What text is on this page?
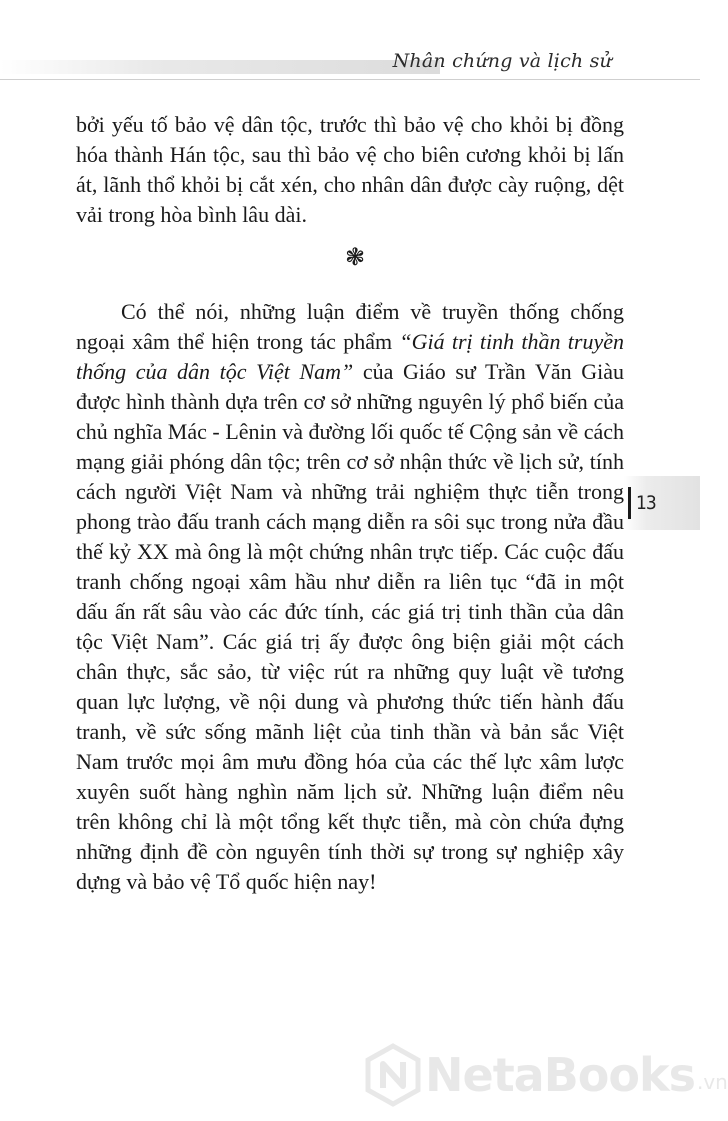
Nhân chứng và lịch sử

bởi yếu tố bảo vệ dân tộc, trước thì bảo vệ cho khỏi bị đồng hóa thành Hán tộc, sau thì bảo vệ cho biên cương khỏi bị lấn át, lãnh thổ khỏi bị cắt xén, cho nhân dân được cày ruộng, dệt vải trong hòa bình lâu dài.

❃

Có thể nói, những luận điểm về truyền thống chống ngoại xâm thể hiện trong tác phẩm “Giá trị tinh thần truyền thống của dân tộc Việt Nam” của Giáo sư Trần Văn Giàu được hình thành dựa trên cơ sở những nguyên lý phổ biến của chủ nghĩa Mác - Lênin và đường lối quốc tế Cộng sản về cách mạng giải phóng dân tộc; trên cơ sở nhận thức về lịch sử, tính cách người Việt Nam và những trải nghiệm thực tiễn trong phong trào đấu tranh cách mạng diễn ra sôi sục trong nửa đầu thế kỷ XX mà ông là một chứng nhân trực tiếp. Các cuộc đấu tranh chống ngoại xâm hầu như diễn ra liên tục “đã in một dấu ấn rất sâu vào các đức tính, các giá trị tinh thần của dân tộc Việt Nam”. Các giá trị ấy được ông biện giải một cách chân thực, sắc sảo, từ việc rút ra những quy luật về tương quan lực lượng, về nội dung và phương thức tiến hành đấu tranh, về sức sống mãnh liệt của tinh thần và bản sắc Việt Nam trước mọi âm mưu đồng hóa của các thế lực xâm lược xuyên suốt hàng nghìn năm lịch sử. Những luận điểm nêu trên không chỉ là một tổng kết thực tiễn, mà còn chứa đựng những định đề còn nguyên tính thời sự trong sự nghiệp xây dựng và bảo vệ Tổ quốc hiện nay!

13
NetaBooks .vn
